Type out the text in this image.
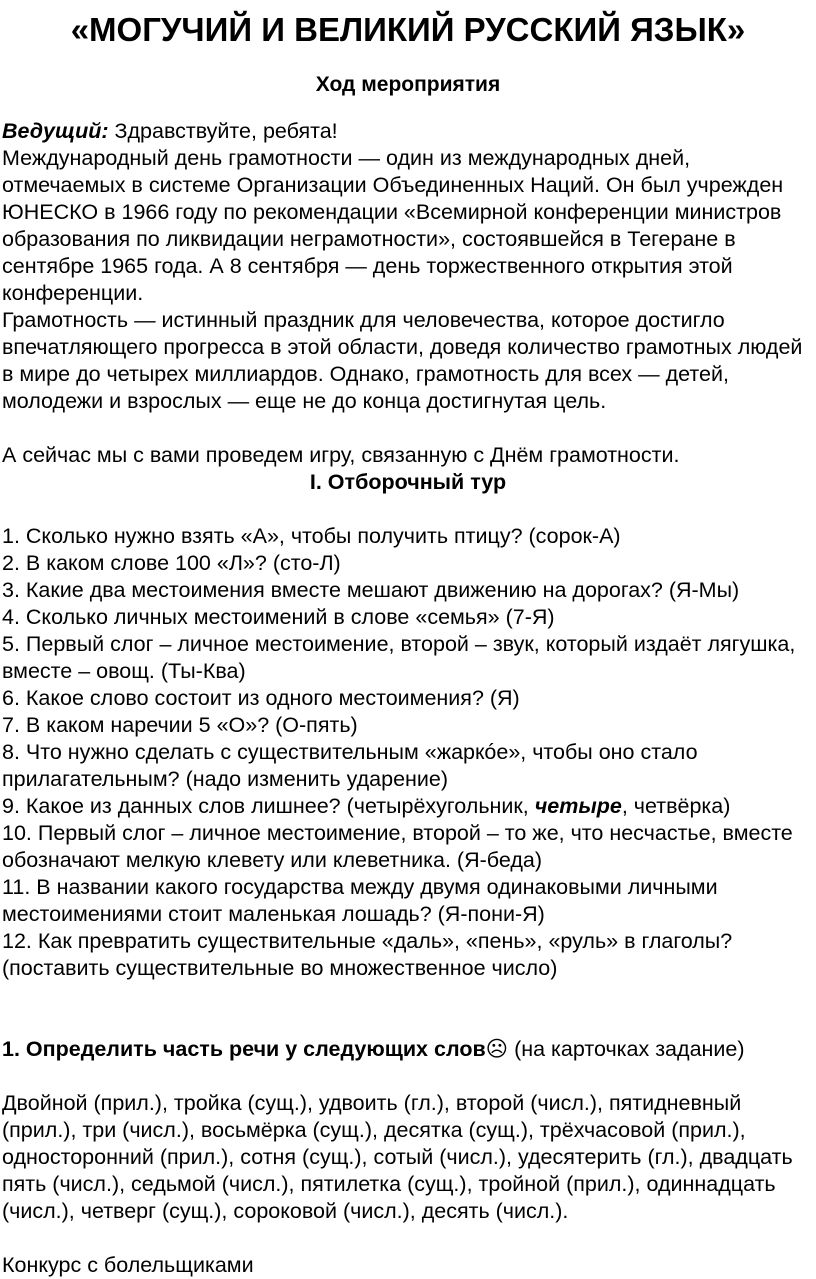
«МОГУЧИЙ И ВЕЛИКИЙ РУССКИЙ ЯЗЫК»
Ход мероприятия

Ведущий: Здравствуйте, ребята!

Международный день грамотности — один из международных дней, отмечаемых в системе Организации Объединенных Наций. Он был учрежден ЮНЕСКО в 1966 году по рекомендации «Всемирной конференции министров образования по ликвидации неграмотности», состоявшейся в Тегеране в сентябре 1965 года. А 8 сентября — день торжественного открытия этой конференции.

Грамотность — истинный праздник для человечества, которое достигло впечатляющего прогресса в этой области, доведя количество грамотных людей в мире до четырех миллиардов. Однако, грамотность для всех — детей, молодежи и взрослых — еще не до конца достигнутая цель.

А сейчас мы с вами проведем игру, связанную с Днём грамотности.

I. Отборочный тур

1. Сколько нужно взять «А», чтобы получить птицу? (сорок-А)

2. В каком слове 100 «Л»? (сто-Л)

3. Какие два местоимения вместе мешают движению на дорогах? (Я-Мы)

4. Сколько личных местоимений в слове «семья» (7-Я)

5. Первый слог – личное местоимение, второй – звук, который издаёт лягушка, вместе – овощ. (Ты-Ква)

6. Какое слово состоит из одного местоимения? (Я)

7. В каком наречии 5 «О»? (О-пять)

8. Что нужно сделать с существительным «жаркóе», чтобы оно стало прилагательным? (надо изменить ударение)

9. Какое из данных слов лишнее? (четырёхугольник, четыре, четвёрка)

10. Первый слог – личное местоимение, второй – то же, что несчастье, вместе обозначают мелкую клевету или клеветника. (Я-беда)

11. В названии какого государства между двумя одинаковыми личными местоимениями стоит маленькая лошадь? (Я-пони-Я)

12. Как превратить существительные «даль», «пень», «руль» в глаголы? (поставить существительные во множественное число)

1. Определить часть речи у следующих слов☹ (на карточках задание)

Двойной (прил.), тройка (сущ.), удвоить (гл.), второй (числ.), пятидневный (прил.), три (числ.), восьмёрка (сущ.), десятка (сущ.), трёхчасовой (прил.), односторонний (прил.), сотня (сущ.), сотый (числ.), удесятерить (гл.), двадцать пять (числ.), седьмой (числ.), пятилетка (сущ.), тройной (прил.), одиннадцать (числ.), четверг (сущ.), сороковой (числ.), десять (числ.).

Конкурс с болельщиками
